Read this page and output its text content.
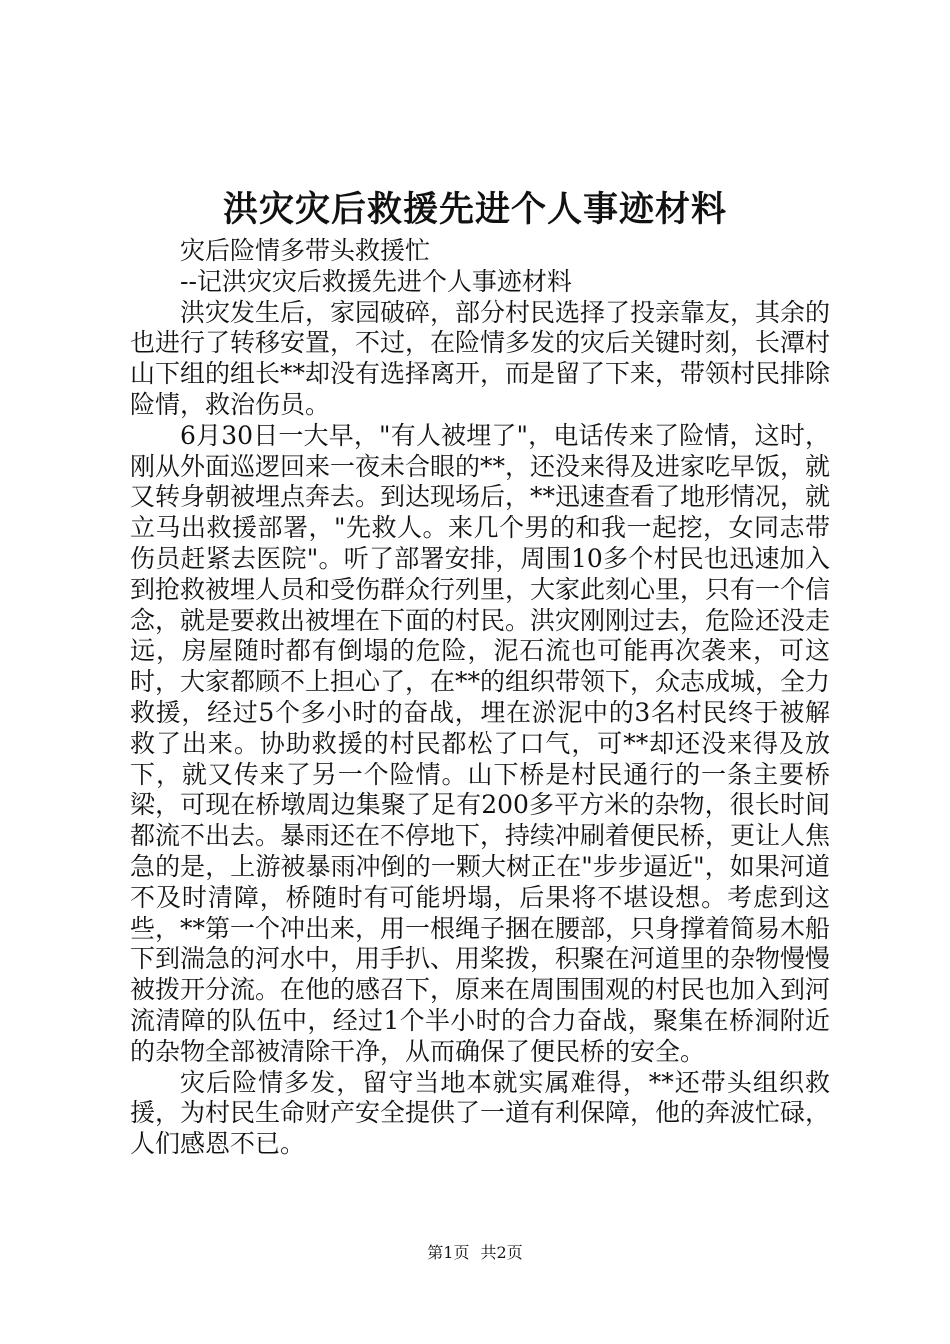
洪灾灾后救援先进个人事迹材料

灾后险情多带头救援忙

--记洪灾灾后救援先进个人事迹材料

洪灾发生后，家园破碎，部分村民选择了投亲靠友，其余的也进行了转移安置，不过，在险情多发的灾后关键时刻，长潭村山下组的组长**却没有选择离开，而是留了下来，带领村民排除险情，救治伤员。

6月30日一大早，"有人被埋了"，电话传来了险情，这时，刚从外面巡逻回来一夜未合眼的**，还没来得及进家吃早饭，就又转身朝被埋点奔去。到达现场后，**迅速查看了地形情况，就立马出救援部署，"先救人。来几个男的和我一起挖，女同志带伤员赶紧去医院"。听了部署安排，周围10多个村民也迅速加入到抢救被埋人员和受伤群众行列里，大家此刻心里，只有一个信念，就是要救出被埋在下面的村民。洪灾刚刚过去，危险还没走远，房屋随时都有倒塌的危险，泥石流也可能再次袭来，可这时，大家都顾不上担心了，在**的组织带领下，众志成城，全力救援，经过5个多小时的奋战，埋在淤泥中的3名村民终于被解救了出来。协助救援的村民都松了口气，可**却还没来得及放下，就又传来了另一个险情。山下桥是村民通行的一条主要桥梁，可现在桥墩周边集聚了足有200多平方米的杂物，很长时间都流不出去。暴雨还在不停地下，持续冲刷着便民桥，更让人焦急的是，上游被暴雨冲倒的一颗大树正在"步步逼近"，如果河道不及时清障，桥随时有可能坍塌，后果将不堪设想。考虑到这些，**第一个冲出来，用一根绳子捆在腰部，只身撑着简易木船下到湍急的河水中，用手扒、用桨拨，积聚在河道里的杂物慢慢被拨开分流。在他的感召下，原来在周围围观的村民也加入到河流清障的队伍中，经过1个半小时的合力奋战，聚集在桥洞附近的杂物全部被清除干净，从而确保了便民桥的安全。

灾后险情多发，留守当地本就实属难得，**还带头组织救援，为村民生命财产安全提供了一道有利保障，他的奔波忙碌，人们感恩不已。

第1页 共2页
